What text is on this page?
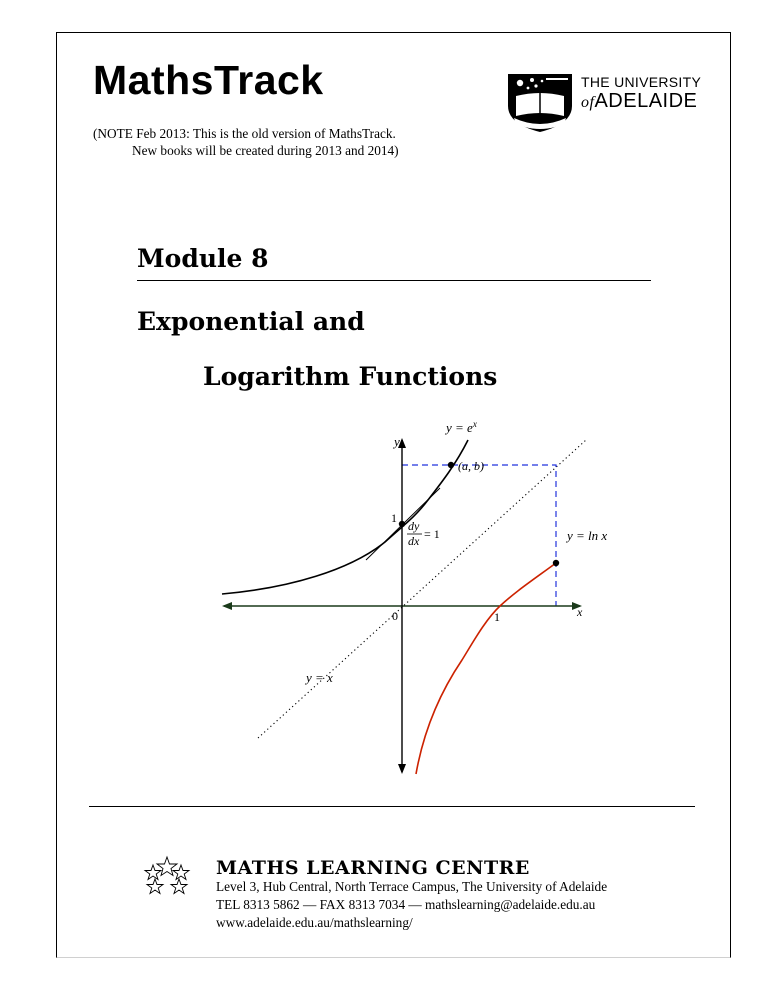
MathsTrack
(NOTE Feb 2013: This is the old version of MathsTrack.
New books will be created during 2013 and 2014)
THE UNIVERSITY
ofADELAIDE
Module 8
Exponential and
Logarithm Functions
$y = e^x$
y
(a, b)
1
dy
dx = 1	y = ln x
0	1	x
y = x
MATHS LEARNING CENTRE
Level 3, Hub Central, North Terrace Campus, The University of Adelaide
TEL 8313 5862 — FAX 8313 7034 — mathslearning@adelaide.edu.au
www.adelaide.edu.au/mathslearning/
